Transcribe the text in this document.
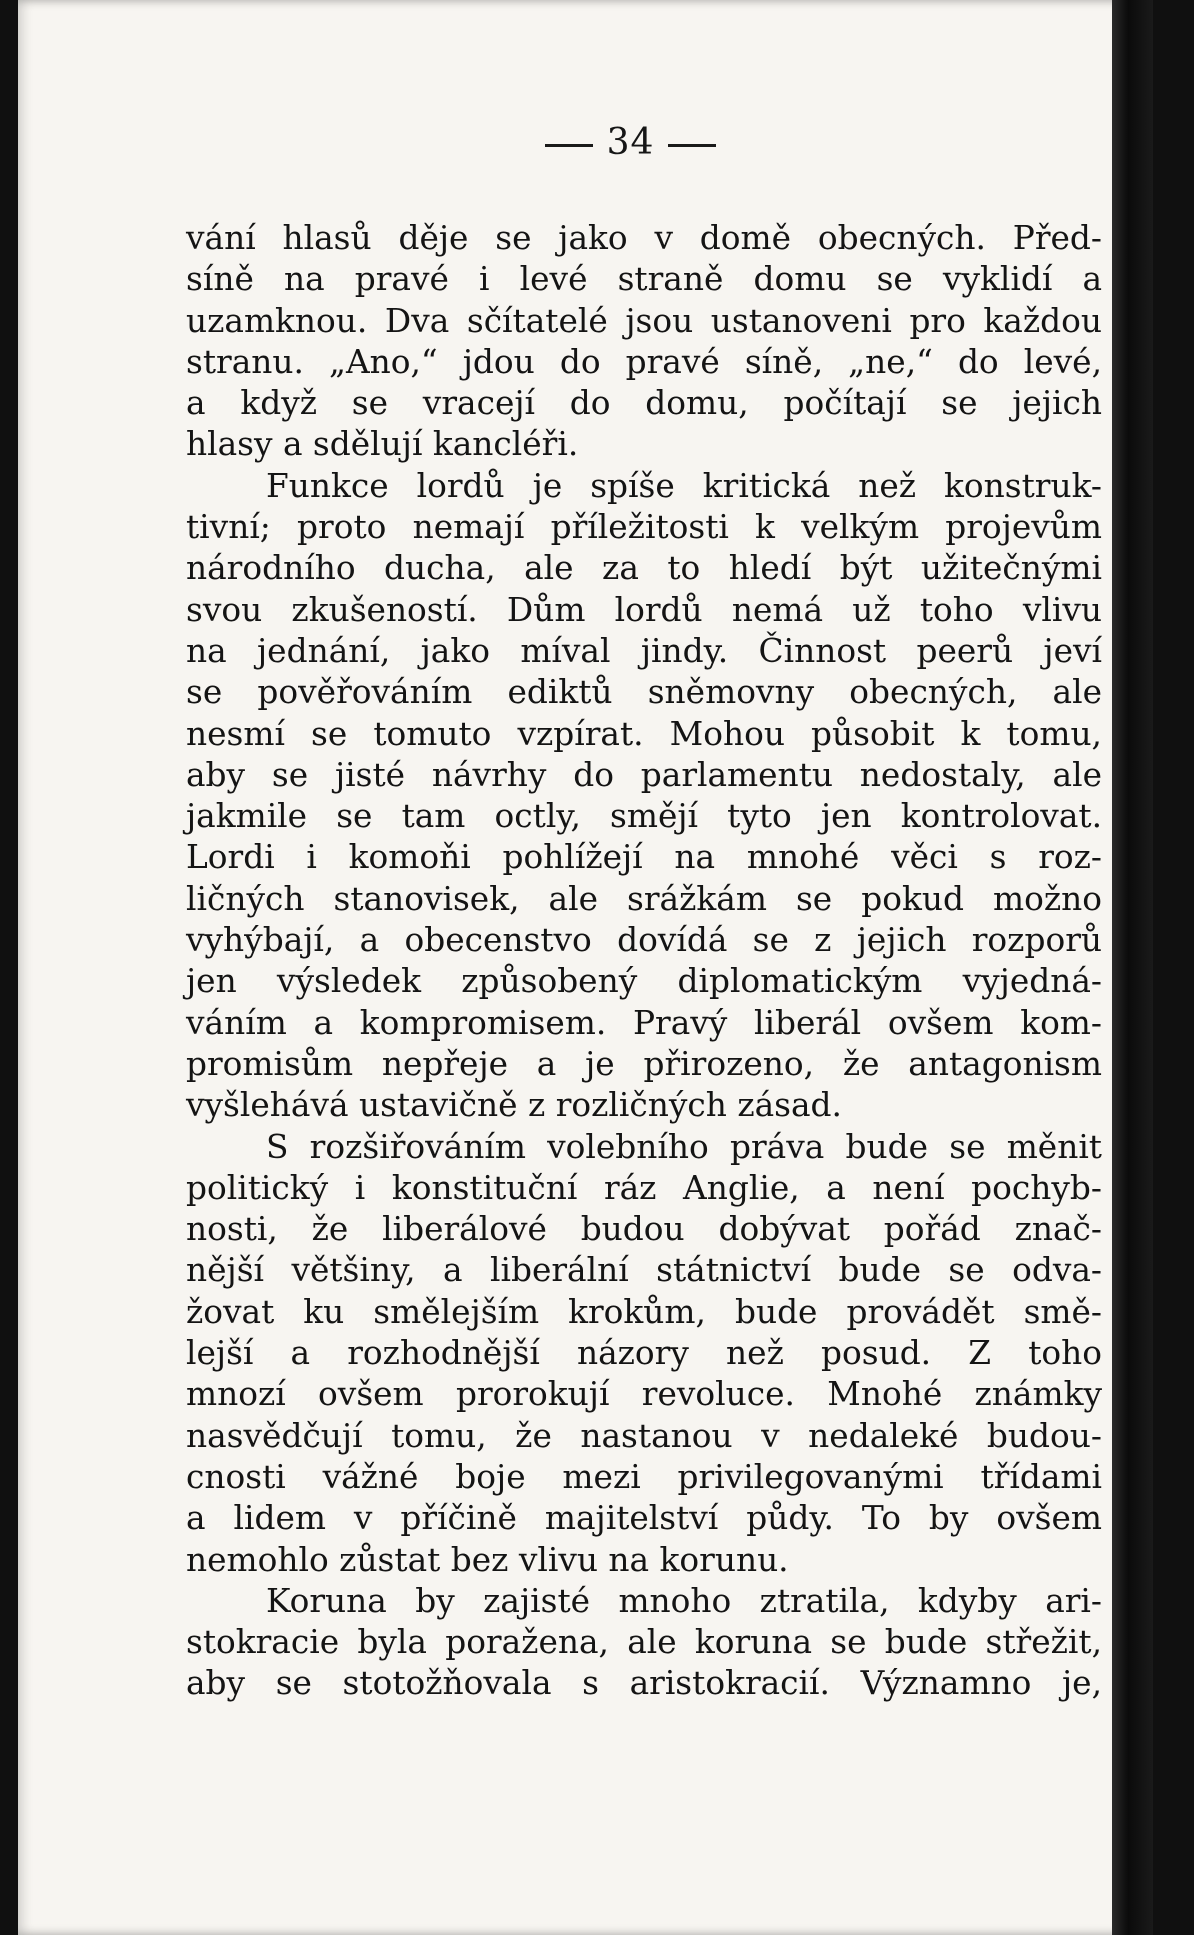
34
vání hlasů děje se jako v domě obecných. Před-
síně na pravé i levé straně domu se vyklidí a
uzamknou. Dva sčítatelé jsou ustanoveni pro každou
stranu. „Ano,“ jdou do pravé síně, „ne,“ do levé,
a když se vracejí do domu, počítají se jejich
hlasy a sdělují kancléři.
Funkce lordů je spíše kritická než konstruk-
tivní; proto nemají příležitosti k velkým projevům
národního ducha, ale za to hledí být užitečnými
svou zkušeností. Dům lordů nemá už toho vlivu
na jednání, jako míval jindy. Činnost peerů jeví
se pověřováním ediktů sněmovny obecných, ale
nesmí se tomuto vzpírat. Mohou působit k tomu,
aby se jisté návrhy do parlamentu nedostaly, ale
jakmile se tam octly, smějí tyto jen kontrolovat.
Lordi i komoňi pohlížejí na mnohé věci s roz-
ličných stanovisek, ale srážkám se pokud možno
vyhýbají, a obecenstvo dovídá se z jejich rozporů
jen výsledek způsobený diplomatickým vyjedná-
váním a kompromisem. Pravý liberál ovšem kom-
promisům nepřeje a je přirozeno, že antagonism
vyšlehává ustavičně z rozličných zásad.
S rozšiřováním volebního práva bude se měnit
politický i konstituční ráz Anglie, a není pochyb-
nosti, že liberálové budou dobývat pořád znač-
nější většiny, a liberální státnictví bude se odva-
žovat ku smělejším krokům, bude provádět smě-
lejší a rozhodnější názory než posud. Z toho
mnozí ovšem prorokují revoluce. Mnohé známky
nasvědčují tomu, že nastanou v nedaleké budou-
cnosti vážné boje mezi privilegovanými třídami
a lidem v příčině majitelství půdy. To by ovšem
nemohlo zůstat bez vlivu na korunu.
Koruna by zajisté mnoho ztratila, kdyby ari-
stokracie byla poražena, ale koruna se bude střežit,
aby se stotožňovala s aristokracií. Významno je,
